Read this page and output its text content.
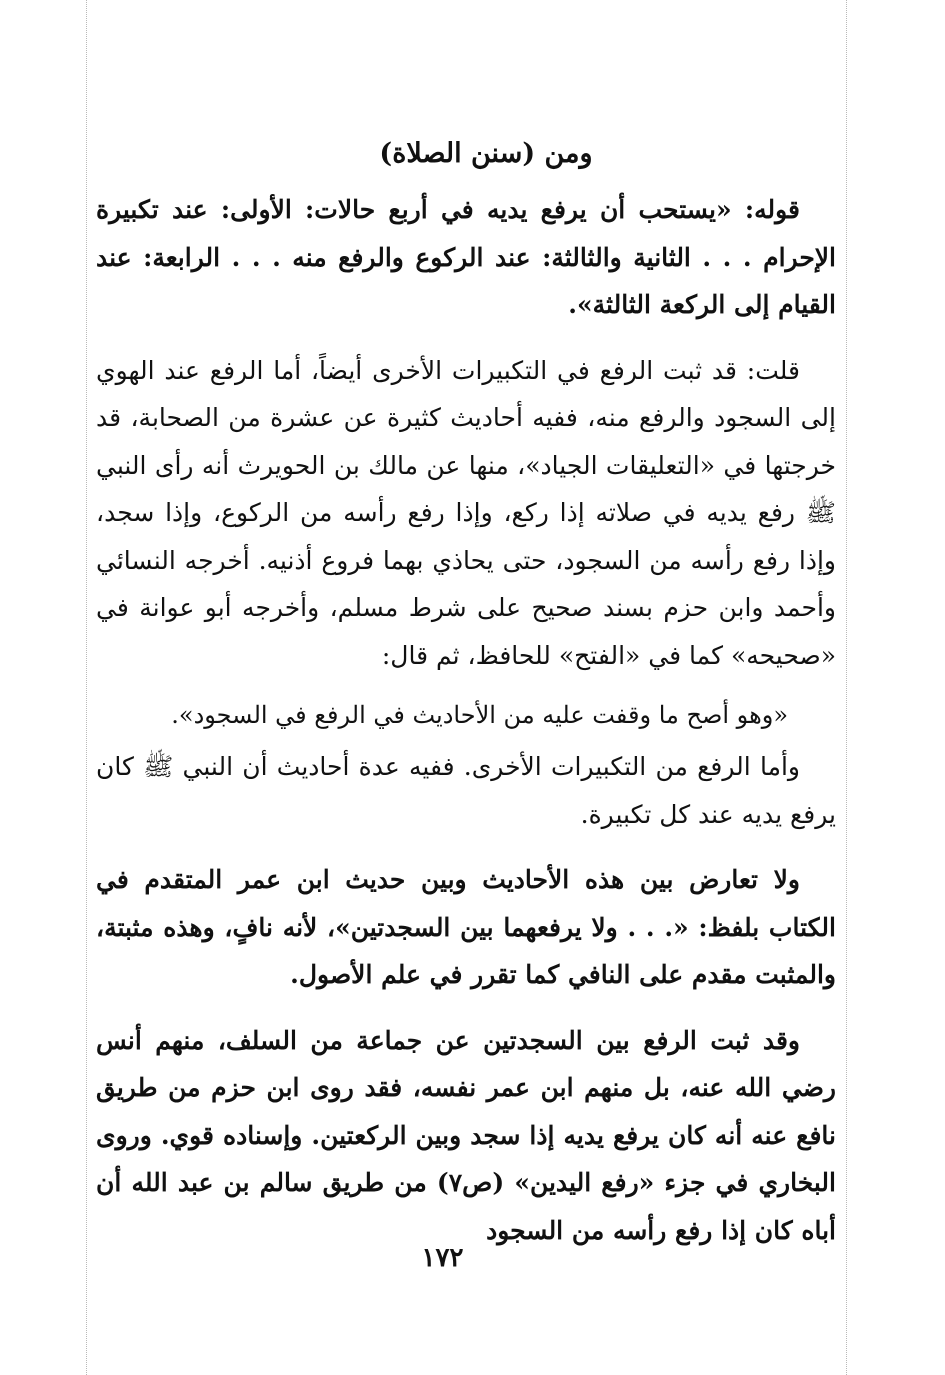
ومن (سنن الصلاة)

قوله: «يستحب أن يرفع يديه في أربع حالات: الأولى: عند تكبيرة الإحرام . . . الثانية والثالثة: عند الركوع والرفع منه . . . الرابعة: عند القيام إلى الركعة الثالثة».

قلت: قد ثبت الرفع في التكبيرات الأخرى أيضاً، أما الرفع عند الهوي إلى السجود والرفع منه، ففيه أحاديث كثيرة عن عشرة من الصحابة، قد خرجتها في «التعليقات الجياد»، منها عن مالك بن الحويرث أنه رأى النبي ﷺ رفع يديه في صلاته إذا ركع، وإذا رفع رأسه من الركوع، وإذا سجد، وإذا رفع رأسه من السجود، حتى يحاذي بهما فروع أذنيه. أخرجه النسائي وأحمد وابن حزم بسند صحيح على شرط مسلم، وأخرجه أبو عوانة في «صحيحه» كما في «الفتح» للحافظ، ثم قال:

«وهو أصح ما وقفت عليه من الأحاديث في الرفع في السجود».

وأما الرفع من التكبيرات الأخرى. ففيه عدة أحاديث أن النبي ﷺ كان يرفع يديه عند كل تكبيرة.

ولا تعارض بين هذه الأحاديث وبين حديث ابن عمر المتقدم في الكتاب بلفظ: «. . . ولا يرفعهما بين السجدتين»، لأنه نافٍ، وهذه مثبتة، والمثبت مقدم على النافي كما تقرر في علم الأصول.

وقد ثبت الرفع بين السجدتين عن جماعة من السلف، منهم أنس رضي الله عنه، بل منهم ابن عمر نفسه، فقد روى ابن حزم من طريق نافع عنه أنه كان يرفع يديه إذا سجد وبين الركعتين. وإسناده قوي. وروى البخاري في جزء «رفع اليدين» (ص٧) من طريق سالم بن عبد الله أن أباه كان إذا رفع رأسه من السجود

١٧٢
